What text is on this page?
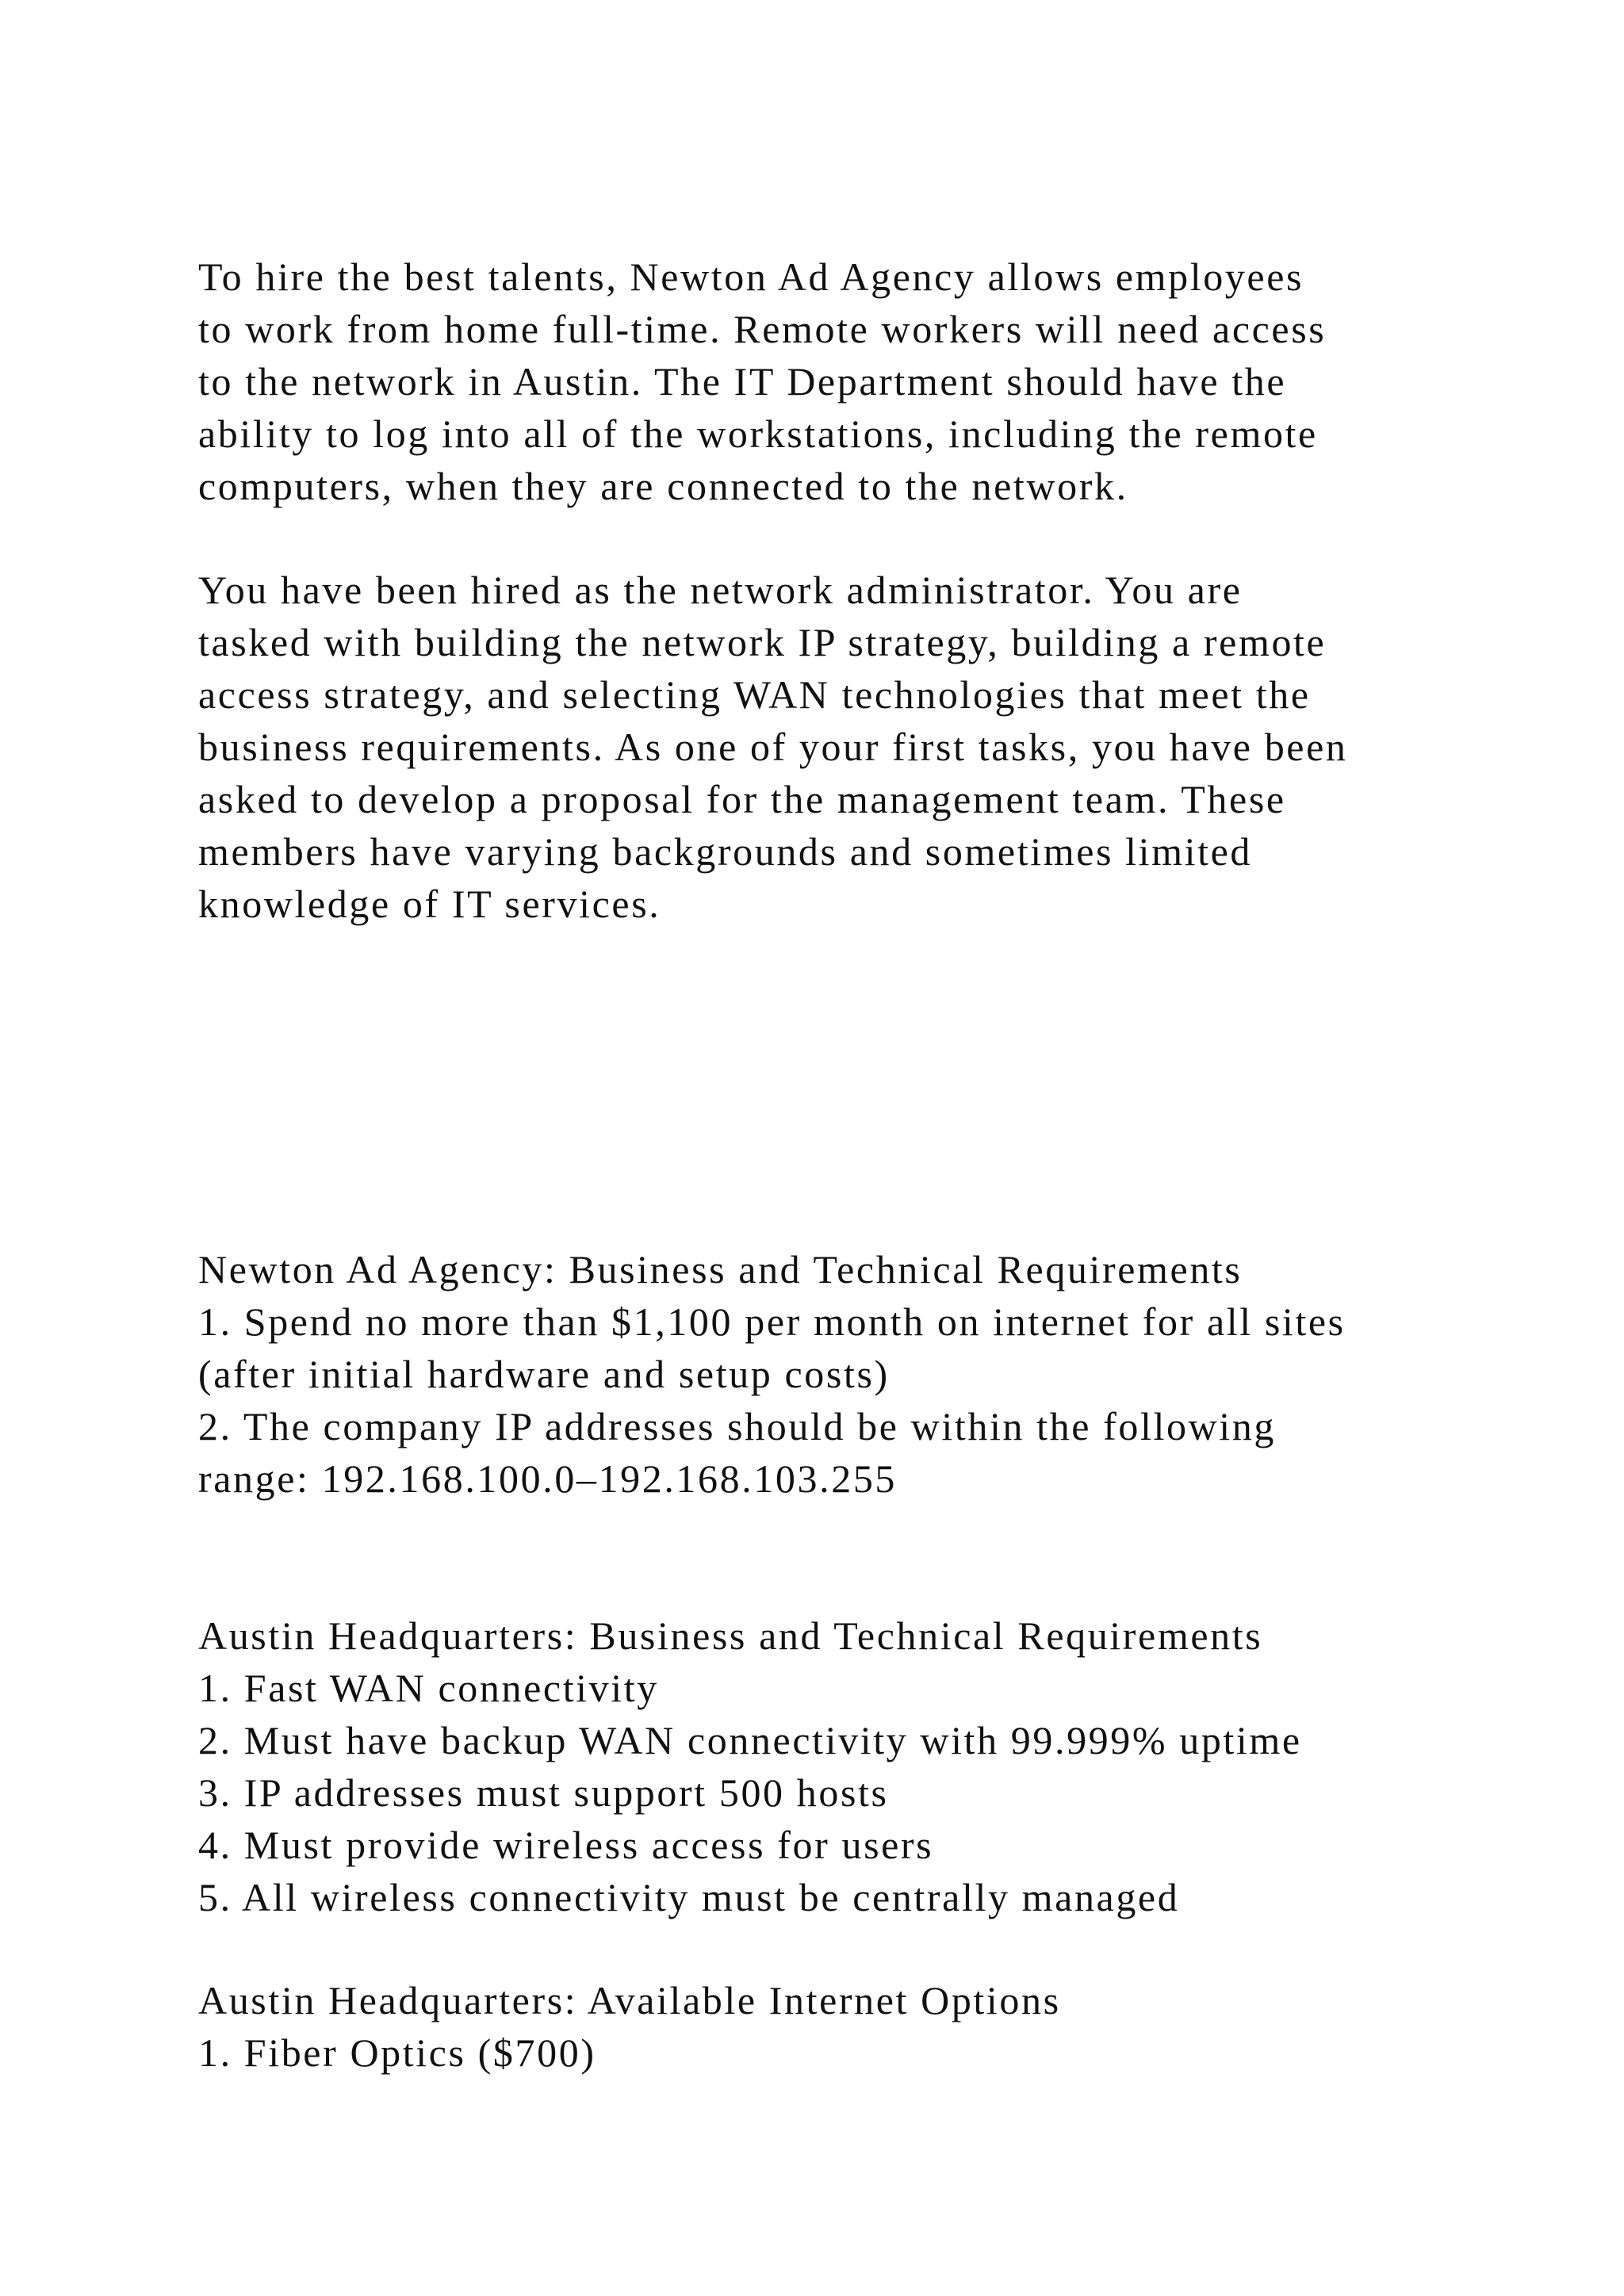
To hire the best talents, Newton Ad Agency allows employees
to work from home full-time. Remote workers will need access
to the network in Austin. The IT Department should have the
ability to log into all of the workstations, including the remote
computers, when they are connected to the network.
You have been hired as the network administrator. You are
tasked with building the network IP strategy, building a remote
access strategy, and selecting WAN technologies that meet the
business requirements. As one of your first tasks, you have been
asked to develop a proposal for the management team. These
members have varying backgrounds and sometimes limited
knowledge of IT services.
Newton Ad Agency: Business and Technical Requirements
1. Spend no more than $1,100 per month on internet for all sites
(after initial hardware and setup costs)
2. The company IP addresses should be within the following
range: 192.168.100.0–192.168.103.255
Austin Headquarters: Business and Technical Requirements
1. Fast WAN connectivity
2. Must have backup WAN connectivity with 99.999% uptime
3. IP addresses must support 500 hosts
4. Must provide wireless access for users
5. All wireless connectivity must be centrally managed
Austin Headquarters: Available Internet Options
1. Fiber Optics ($700)
